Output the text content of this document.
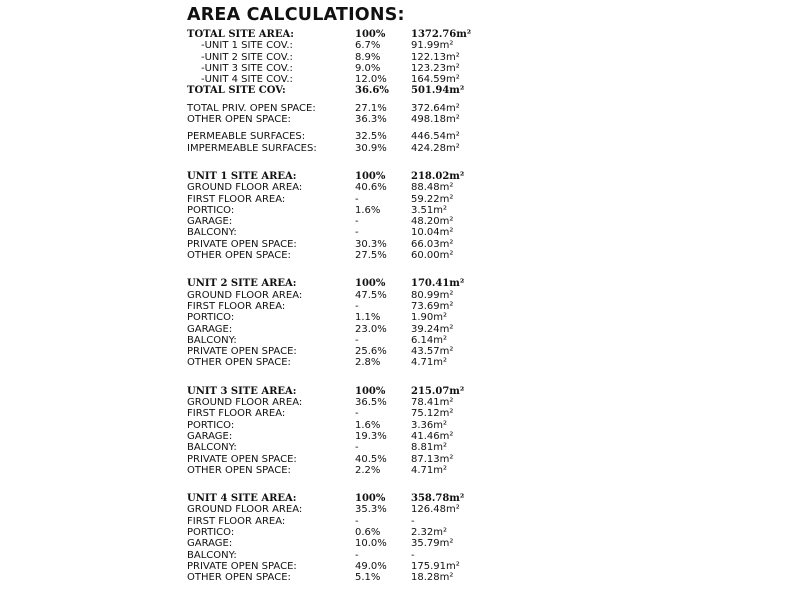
AREA CALCULATIONS:
TOTAL SITE AREA:	100%	1372.76m²
-UNIT 1 SITE COV.:	6.7%	91.99m²
-UNIT 2 SITE COV.:	8.9%	122.13m²
-UNIT 3 SITE COV.:	9.0%	123.23m²
-UNIT 4 SITE COV.:	12.0% 164.59m²
TOTAL SITE COV:	36.6% 501.94m²
TOTAL PRIV. OPEN SPACE:	27.1% 372.64m²
OTHER OPEN SPACE:	36.3% 498.18m²
PERMEABLE SURFACES:	32.5% 446.54m²
IMPERMEABLE SURFACES:	30.9% 424.28m²
UNIT 1 SITE AREA:	100%	218.02m²
GROUND FLOOR AREA:	40.6% 88.48m²
FIRST FLOOR AREA:	-	59.22m²
PORTICO:	1.6%	3.51m²
GARAGE:	-	48.20m²
BALCONY:	-	10.04m²
PRIVATE OPEN SPACE:	30.3% 66.03m²
OTHER OPEN SPACE:	27.5% 60.00m²
UNIT 2 SITE AREA:	100%	170.41m²
GROUND FLOOR AREA:	47.5% 80.99m²
FIRST FLOOR AREA:	-	73.69m²
PORTICO:	1.1%	1.90m²
GARAGE:	23.0% 39.24m²
BALCONY:	-	6.14m²
PRIVATE OPEN SPACE:	25.6% 43.57m²
OTHER OPEN SPACE:	2.8%	4.71m²
UNIT 3 SITE AREA:	100%	215.07m²
GROUND FLOOR AREA:	36.5% 78.41m²
FIRST FLOOR AREA:	-	75.12m²
PORTICO:	1.6%	3.36m²
GARAGE:	19.3% 41.46m²
BALCONY:	-	8.81m²
PRIVATE OPEN SPACE:	40.5% 87.13m²
OTHER OPEN SPACE:	2.2%	4.71m²
UNIT 4 SITE AREA:	100%	358.78m²
GROUND FLOOR AREA:	35.3% 126.48m²
FIRST FLOOR AREA:	-	-
PORTICO:	0.6%	2.32m²
GARAGE:	10.0% 35.79m²
BALCONY:	-	-
PRIVATE OPEN SPACE:	49.0% 175.91m²
OTHER OPEN SPACE:	5.1%	18.28m²
